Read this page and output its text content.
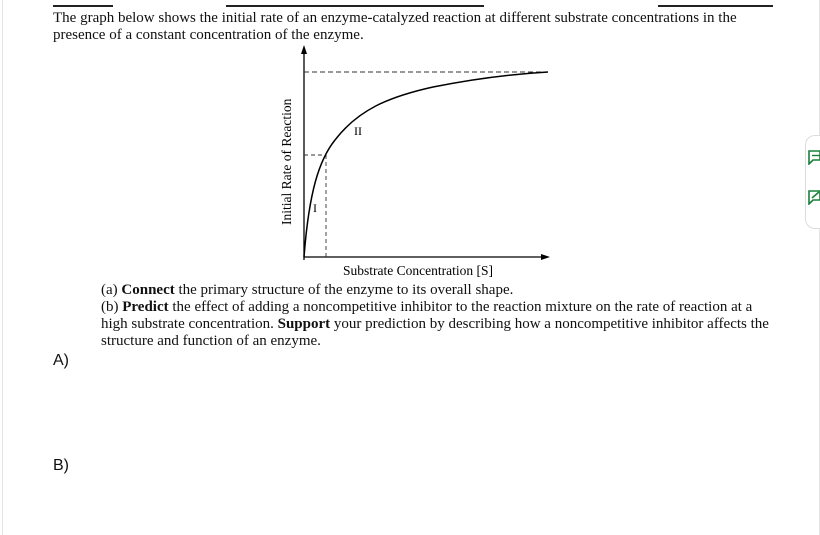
The graph below shows the initial rate of an enzyme-catalyzed reaction at different substrate concentrations in the presence of a constant concentration of the enzyme.
I
II
Initial Rate of Reaction
Substrate Concentration [S]

(a) Connect the primary structure of the enzyme to its overall shape.

(b) Predict the effect of adding a noncompetitive inhibitor to the reaction mixture on the rate of reaction at a high substrate concentration. Support your prediction by describing how a noncompetitive inhibitor affects the structure and function of an enzyme.

A)
B)
